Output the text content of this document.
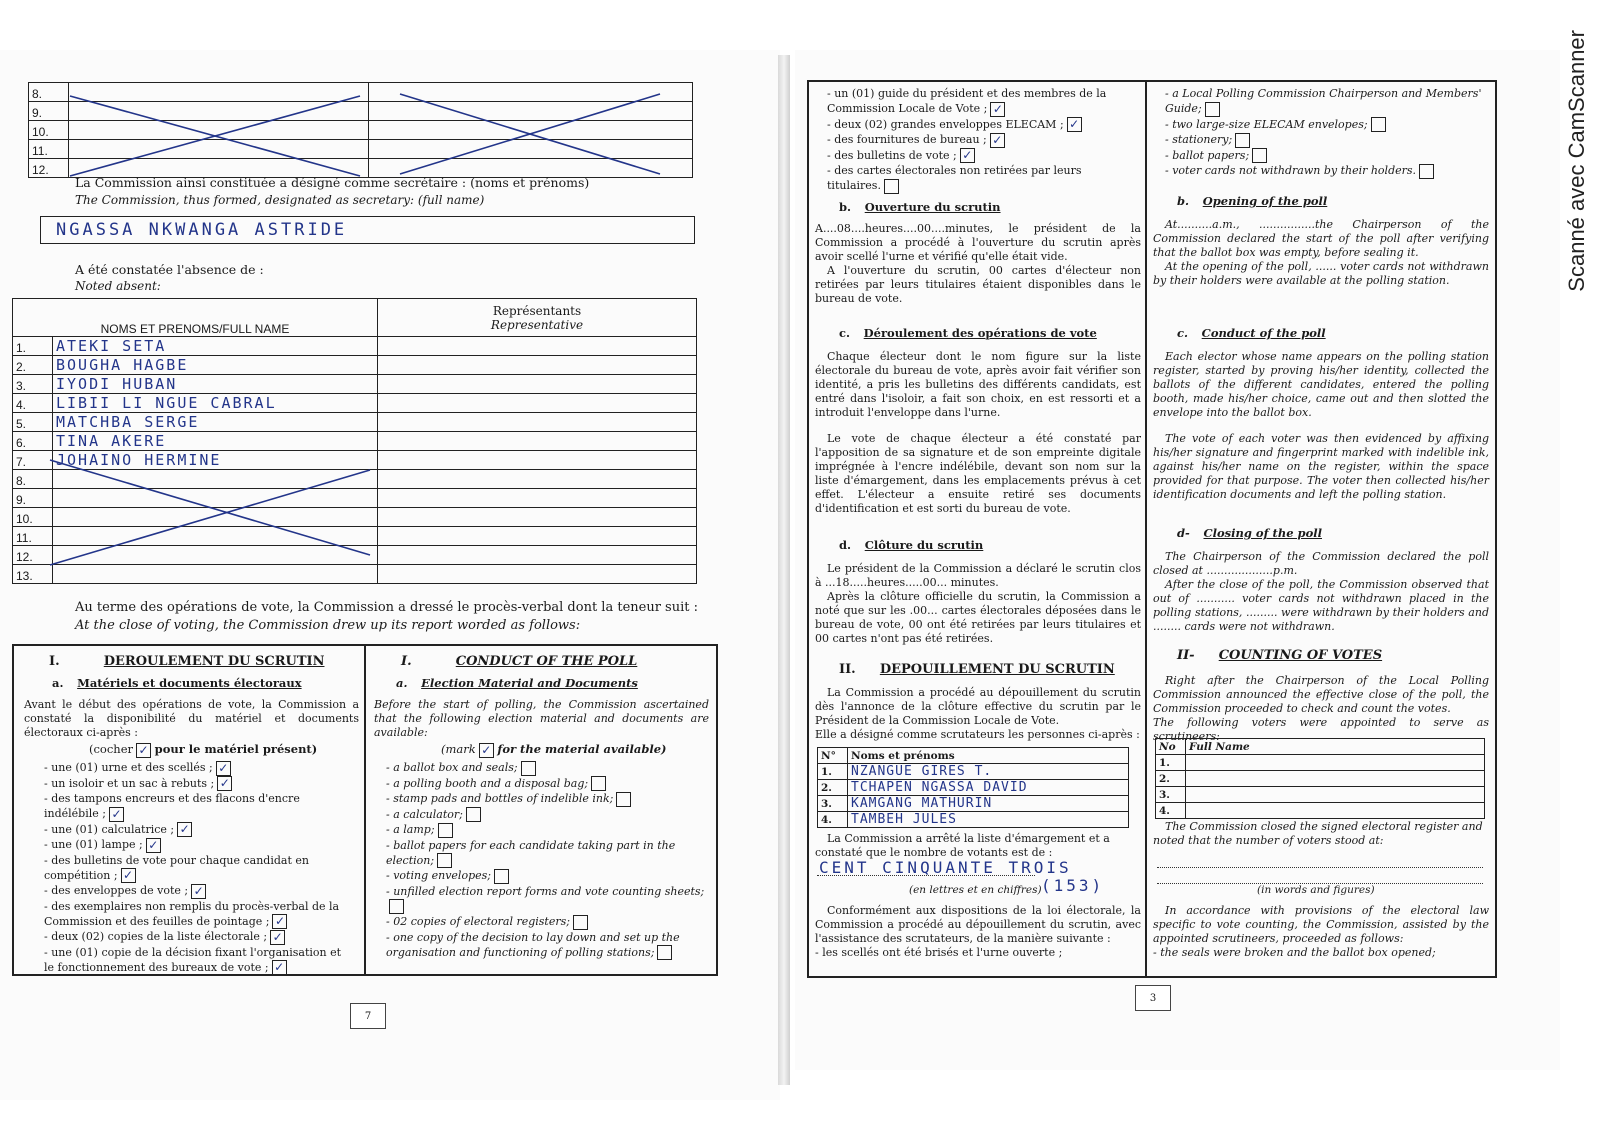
8.		
9.		
10.		
11.		
12.		
La Commission ainsi constituée a désigné comme secrétaire : (noms et prénoms)
The Commission, thus formed, designated as secretary: (full name)
NGASSA NKWANGA ASTRIDE
A été constatée l'absence de :
Noted absent:
NOMS ET PRENOMS/FULL NAME		Représentants
Representative

1.	ATEKI SETA	
2.	BOUGHA HAGBE	
3.	IYODI HUBAN	
4.	LIBII LI NGUE CABRAL	
5.	MATCHBA SERGE	
6.	TINA AKERE	
7.	JOHAINO HERMINE	
8.		
9.		
10.		
11.		
12.		
13.		
Au terme des opérations de vote, la Commission a dressé le procès-verbal dont la teneur suit :
At the close of voting, the Commission drew up its report worded as follows:
I.	DEROULEMENT DU SCRUTIN
a. Matériels et documents électoraux

Avant le début des opérations de vote, la Commission a constaté la disponibilité du matériel et documents électoraux ci-après :

(cocher ✓ pour le matériel présent)
- une (01) urne et des scellés ; ✓
- un isoloir et un sac à rebuts ; ✓
- des tampons encreurs et des flacons d'encre indélébile ; ✓
- une (01) calculatrice ; ✓
- une (01) lampe ; ✓
- des bulletins de vote pour chaque candidat en compétition ; ✓
- des enveloppes de vote ; ✓
- des exemplaires non remplis du procès-verbal de la Commission et des feuilles de pointage ; ✓
- deux (02) copies de la liste électorale ; ✓
- une (01) copie de la décision fixant l'organisation et le fonctionnement des bureaux de vote ; ✓
I.	CONDUCT OF THE POLL
a. Election Material and Documents

Before the start of polling, the Commission ascertained that the following election material and documents are available:

(mark ✓ for the material available)
- a ballot box and seals;
- a polling booth and a disposal bag;
- stamp pads and bottles of indelible ink;
- a calculator;
- a lamp;
- ballot papers for each candidate taking part in the election;
- voting envelopes;
- unfilled election report forms and vote counting sheets;
- 02 copies of electoral registers;
- one copy of the decision to lay down and set up the organisation and functioning of polling stations;
7
- un (01) guide du président et des membres de la Commission Locale de Vote ; ✓
- deux (02) grandes enveloppes ELECAM ; ✓
- des fournitures de bureau ; ✓
- des bulletins de vote ; ✓
- des cartes électorales non retirées par leurs titulaires.
b. Ouverture du scrutin

A....08....heures....00....minutes, le président de la Commission a procédé à l'ouverture du scrutin après avoir scellé l'urne et vérifié qu'elle était vide.

A l'ouverture du scrutin, 00 cartes d'électeur non retirées par leurs titulaires étaient disponibles dans le bureau de vote.

c. Déroulement des opérations de vote

Chaque électeur dont le nom figure sur la liste électorale du bureau de vote, après avoir fait vérifier son identité, a pris les bulletins des différents candidats, est entré dans l'isoloir, a fait son choix, en est ressorti et a introduit l'enveloppe dans l'urne.

Le vote de chaque électeur a été constaté par l'apposition de sa signature et de son empreinte digitale imprégnée à l'encre indélébile, devant son nom sur la liste d'émargement, dans les emplacements prévus à cet effet. L'électeur a ensuite retiré ses documents d'identification et est sorti du bureau de vote.

d. Clôture du scrutin

Le président de la Commission a déclaré le scrutin clos à ...18.....heures.....00... minutes.

Après la clôture officielle du scrutin, la Commission a noté que sur les .00... cartes électorales déposées dans le bureau de vote, 00 ont été retirées par leurs titulaires et 00 cartes n'ont pas été retirées.

II. DEPOUILLEMENT DU SCRUTIN

La Commission a procédé au dépouillement du scrutin dès l'annonce de la clôture effective du scrutin par le Président de la Commission Locale de Vote.

Elle a désigné comme scrutateurs les personnes ci-après :

N°	Noms et prénoms
1.	NZANGUE GIRES T.
2.	TCHAPEN NGASSA DAVID
3.	KAMGANG MATHURIN
4.	TAMBEH JULES

La Commission a arrêté la liste d'émargement et a constaté que le nombre de votants est de :

CENT CINQUANTE TROIS
(153)
(en lettres et en chiffres)

Conformément aux dispositions de la loi électorale, la Commission a procédé au dépouillement du scrutin, avec l'assistance des scrutateurs, de la manière suivante :

- les scellés ont été brisés et l'urne ouverte ;

- a Local Polling Commission Chairperson and Members' Guide;
- two large-size ELECAM envelopes;
- stationery;
- ballot papers;
- voter cards not withdrawn by their holders.
b. Opening of the poll

At..........a.m., ................the Chairperson of the Commission declared the start of the poll after verifying that the ballot box was empty, before sealing it.

At the opening of the poll, ...... voter cards not withdrawn by their holders were available at the polling station.

c. Conduct of the poll

Each elector whose name appears on the polling station register, started by proving his/her identity, collected the ballots of the different candidates, entered the polling booth, made his/her choice, came out and then slotted the envelope into the ballot box.

The vote of each voter was then evidenced by affixing his/her signature and fingerprint marked with indelible ink, against his/her name on the register, within the space provided for that purpose. The voter then collected his/her identification documents and left the polling station.

d- Closing of the poll

The Chairperson of the Commission declared the poll closed at ...................p.m.

After the close of the poll, the Commission observed that out of ........... voter cards not withdrawn placed in the polling stations, ......... were withdrawn by their holders and ........ cards were not withdrawn.

II- COUNTING OF VOTES

Right after the Chairperson of the Local Polling Commission announced the effective close of the poll, the Commission proceeded to check and count the votes.

The following voters were appointed to serve as scrutineers:

No	Full Name
1.	
2.	
3.	
4.	

The Commission closed the signed electoral register and noted that the number of voters stood at:

(in words and figures)

In accordance with provisions of the electoral law specific to vote counting, the Commission, assisted by the appointed scrutineers, proceeded as follows:

- the seals were broken and the ballot box opened;

3
Scanné avec CamScanner
